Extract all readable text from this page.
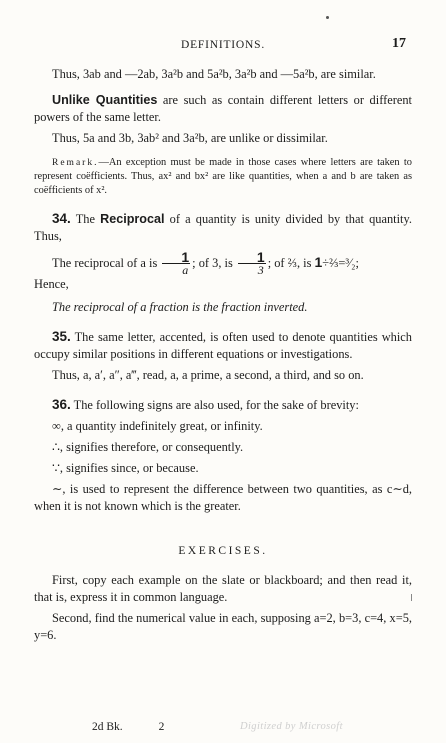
DEFINITIONS.	17

Thus, 3ab and —2ab, 3a²b and 5a²b, 3a²b and —5a²b, are similar.

Unlike Quantities are such as contain different letters or different powers of the same letter.

Thus, 5a and 3b, 3ab² and 3a²b, are unlike or dissimilar.

Remark.—An exception must be made in those cases where letters are taken to represent coëfficients. Thus, ax² and bx² are like quantities, when a and b are taken as coëfficients of x².

34. The Reciprocal of a quantity is unity divided by that quantity. Thus,

The reciprocal of a is $\frac{1}{a}$ ; of 3, is $\frac{1}{3}$ ; of ⅔, is 1÷⅔=³⁄₂;

Hence,

The reciprocal of a fraction is the fraction inverted.

35. The same letter, accented, is often used to denote quantities which occupy similar positions in different equations or investigations.

Thus, a, a′, a″, a‴, read, a, a prime, a second, a third, and so on.

36. The following signs are also used, for the sake of brevity:

∞, a quantity indefinitely great, or infinity.

∴, signifies therefore, or consequently.

∵, signifies since, or because.

∼, is used to represent the difference between two quantities, as c∼d, when it is not known which is the greater.

EXERCISES.

First, copy each example on the slate or blackboard; and then read it, that is, express it in common language.

Second, find the numerical value in each, supposing a=2, b=3, c=4, x=5, y=6.

2d Bk.	2	Digitized by Microsoft
